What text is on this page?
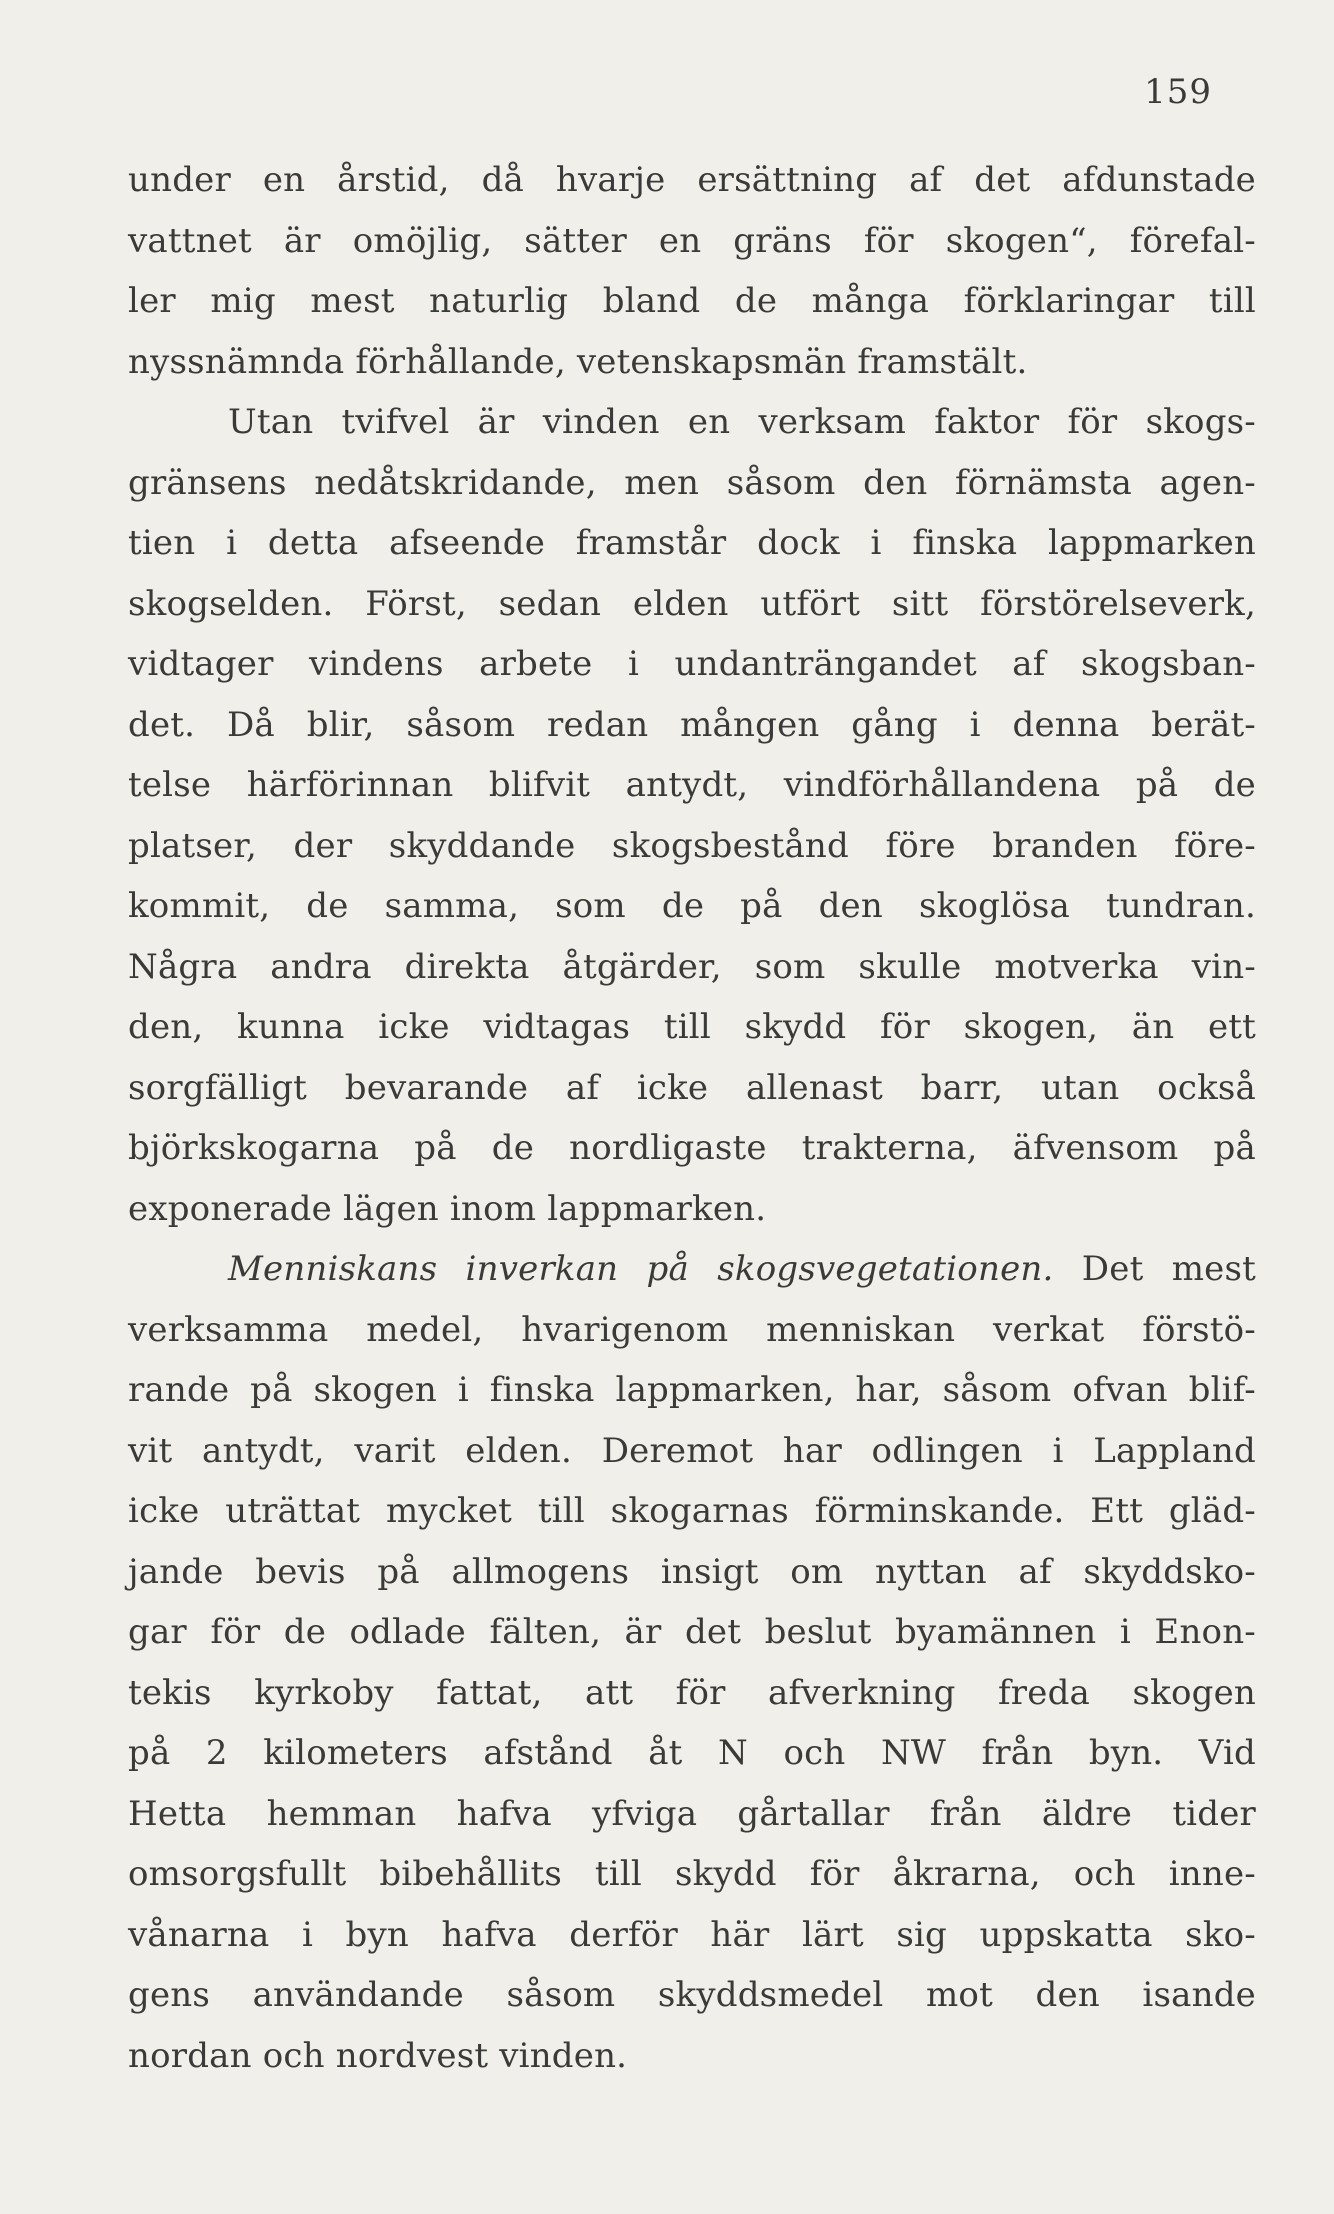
159
under en årstid, då hvarje ersättning af det afdunstade
vattnet är omöjlig, sätter en gräns för skogen“, förefal-
ler mig mest naturlig bland de många förklaringar till
nyssnämnda förhållande, vetenskapsmän framstält.
Utan tvifvel är vinden en verksam faktor för skogs-
gränsens nedåtskridande, men såsom den förnämsta agen-
tien i detta afseende framstår dock i finska lappmarken
skogselden. Först, sedan elden utfört sitt förstörelseverk,
vidtager vindens arbete i undanträngandet af skogsban-
det. Då blir, såsom redan mången gång i denna berät-
telse härförinnan blifvit antydt, vindförhållandena på de
platser, der skyddande skogsbestånd före branden före-
kommit, de samma, som de på den skoglösa tundran.
Några andra direkta åtgärder, som skulle motverka vin-
den, kunna icke vidtagas till skydd för skogen, än ett
sorgfälligt bevarande af icke allenast barr, utan också
björkskogarna på de nordligaste trakterna, äfvensom på
exponerade lägen inom lappmarken.
Menniskans inverkan på skogsvegetationen. Det mest
verksamma medel, hvarigenom menniskan verkat förstö-
rande på skogen i finska lappmarken, har, såsom ofvan blif-
vit antydt, varit elden. Deremot har odlingen i Lappland
icke uträttat mycket till skogarnas förminskande. Ett gläd-
jande bevis på allmogens insigt om nyttan af skyddsko-
gar för de odlade fälten, är det beslut byamännen i Enon-
tekis kyrkoby fattat, att för afverkning freda skogen
på 2 kilometers afstånd åt N och NW från byn. Vid
Hetta hemman hafva yfviga gårtallar från äldre tider
omsorgsfullt bibehållits till skydd för åkrarna, och inne-
vånarna i byn hafva derför här lärt sig uppskatta sko-
gens användande såsom skyddsmedel mot den isande
nordan och nordvest vinden.
